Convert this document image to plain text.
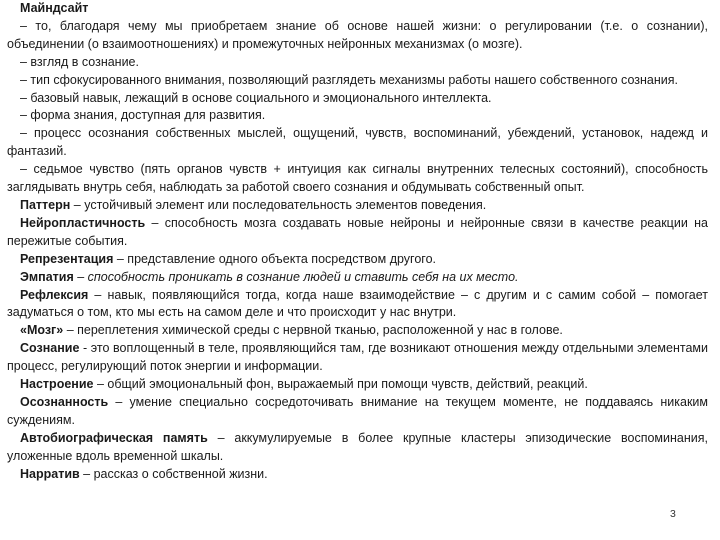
Майндсайт

– то, благодаря чему мы приобретаем знание об основе нашей жизни: о регулировании (т.е. о сознании), объединении (о взаимоотношениях) и промежуточных нейронных механизмах (о мозге).

– взгляд в сознание.

– тип сфокусированного внимания, позволяющий разглядеть механизмы работы нашего собственного сознания.

– базовый навык, лежащий в основе социального и эмоционального интеллекта.

– форма знания, доступная для развития.

– процесс осознания собственных мыслей, ощущений, чувств, воспоминаний, убеждений, установок, надежд и фантазий.

– седьмое чувство (пять органов чувств + интуиция как сигналы внутренних телесных состояний), способность заглядывать внутрь себя, наблюдать за работой своего сознания и обдумывать собственный опыт.

Паттерн – устойчивый элемент или последовательность элементов поведения.

Нейропластичность – способность мозга создавать новые нейроны и нейронные связи в качестве реакции на пережитые события.

Репрезентация – представление одного объекта посредством другого.

Эмпатия – способность проникать в сознание людей и ставить себя на их место.

Рефлексия – навык, появляющийся тогда, когда наше взаимодействие – с другим и с самим собой – помогает задуматься о том, кто мы есть на самом деле и что происходит у нас внутри.

«Мозг» – переплетения химической среды с нервной тканью, расположенной у нас в голове.

Сознание - это воплощенный в теле, проявляющийся там, где возникают отношения между отдельными элементами процесс, регулирующий поток энергии и информации.

Настроение – общий эмоциональный фон, выражаемый при помощи чувств, действий, реакций.

Осознанность – умение специально сосредоточивать внимание на текущем моменте, не поддаваясь никаким суждениям.

Автобиографическая память – аккумулируемые в более крупные кластеры эпизодические воспоминания, уложенные вдоль временной шкалы.

Нарратив – рассказ о собственной жизни.

3
